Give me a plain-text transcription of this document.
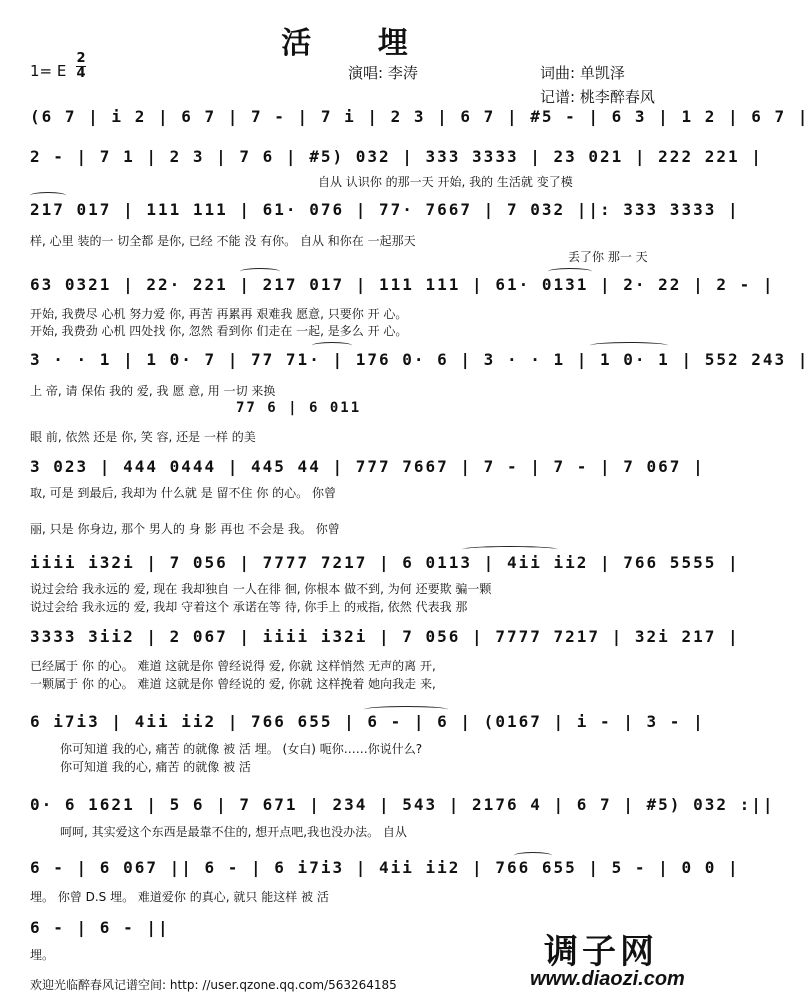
活 埋
1= E
2
4	演唱: 李涛	词曲: 单凯泽
记谱: 桃李醉春风
(6 7 | i 2 | 6 7 | 7 - | 7 i | 2 3 | 6 7 | #5 - | 6 3 | 1 2 | 6 7 |
2 - | 7 1 | 2 3 | 7 6 | #5) 032 | 333 3333 | 23 021 | 222 221 |
自从 认识你 的那一天 开始, 我的 生活就 变了模
217 017 | 111 111 | 61· 076 | 77· 7667 | 7 032 ||: 333 3333 |
样, 心里 装的一 切全都 是你, 已经 不能 没 有你。 自从 和你在 一起那天
丢了你 那一 天
63 0321 | 22· 221 | 217 017 | 111 111 | 61· 0131 | 2· 22 | 2 - |
开始, 我费尽 心机 努力爱 你, 再苦 再累再 艰难我 愿意, 只要你 开 心。
开始, 我费劲 心机 四处找 你, 忽然 看到你 们走在 一起, 是多么 开 心。
3 · · 1 | 1 0· 7 | 77 71· | 176 0· 6 | 3 · · 1 | 1 0· 1 | 552 243 |
上 帝, 请 保佑 我的 爱, 我 愿 意, 用 一切 来换
77 6 | 6 011
眼 前, 依然 还是 你, 笑 容, 还是 一样 的美
3 023 | 444 0444 | 445 44 | 777 7667 | 7 - | 7 - | 7 067 |
取, 可是 到最后, 我却为 什么就 是 留不住 你 的心。 你曾
丽, 只是 你身边, 那个 男人的 身 影 再也 不会是 我。 你曾
iiii i32i | 7 056 | 7777 7217 | 6 0113 | 4ii ii2 | 766 5555 |
说过会给 我永远的 爱, 现在 我却独自 一人在徘 徊, 你根本 做不到, 为何 还要欺 骗一颗
说过会给 我永远的 爱, 我却 守着这个 承诺在等 待, 你手上 的戒指, 依然 代表我 那
3333 3ii2 | 2 067 | iiii i32i | 7 056 | 7777 7217 | 32i 217 |
已经属于 你 的心。 难道 这就是你 曾经说得 爱, 你就 这样悄然 无声的离 开,
一颗属于 你 的心。 难道 这就是你 曾经说的 爱, 你就 这样挽着 她向我走 来,
6 i7i3 | 4ii ii2 | 766 655 | 6 - | 6 | (0167 | i - | 3 - |
你可知道 我的心, 痛苦 的就像 被 活 埋。 (女白) 呃你……你说什么?
你可知道 我的心, 痛苦 的就像 被 活
0· 6 1621 | 5 6 | 7 671 | 234 | 543 | 2176 4 | 6 7 | #5) 032 :||
呵呵, 其实爱这个东西是最靠不住的, 想开点吧,我也没办法。 自从
6 - | 6 067 || 6 - | 6 i7i3 | 4ii ii2 | 766 655 | 5 - | 0 0 |
埋。 你曾 D.S 埋。 难道爱你 的真心, 就只 能这样 被 活
6 - | 6 - ||
埋。	调子网
www.diaozi.com
欢迎光临醉春风记谱空间: http: //user.qzone.qq.com/563264185
